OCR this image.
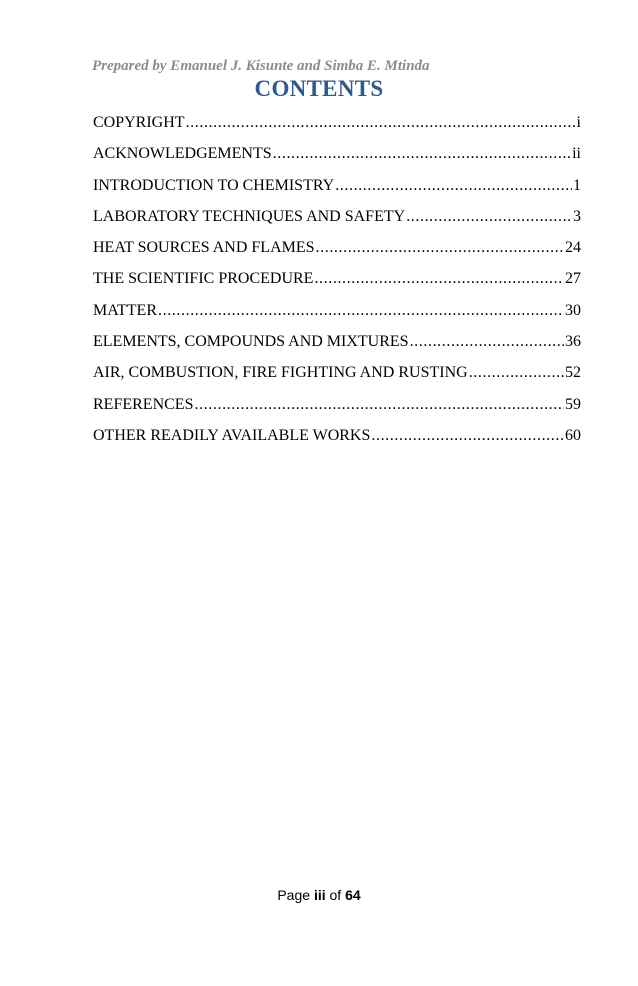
Prepared by Emanuel J. Kisunte and Simba E. Mtinda
CONTENTS
COPYRIGHT .....	i
ACKNOWLEDGEMENTS .....	ii
INTRODUCTION TO CHEMISTRY .....	1
LABORATORY TECHNIQUES AND SAFETY .....	3
HEAT SOURCES AND FLAMES .....	24
THE SCIENTIFIC PROCEDURE .....	27
MATTER .....	30
ELEMENTS, COMPOUNDS AND MIXTURES .....	36
AIR, COMBUSTION, FIRE FIGHTING AND RUSTING .....	52
REFERENCES .....	59
OTHER READILY AVAILABLE WORKS .....	60
Page iii of 64
